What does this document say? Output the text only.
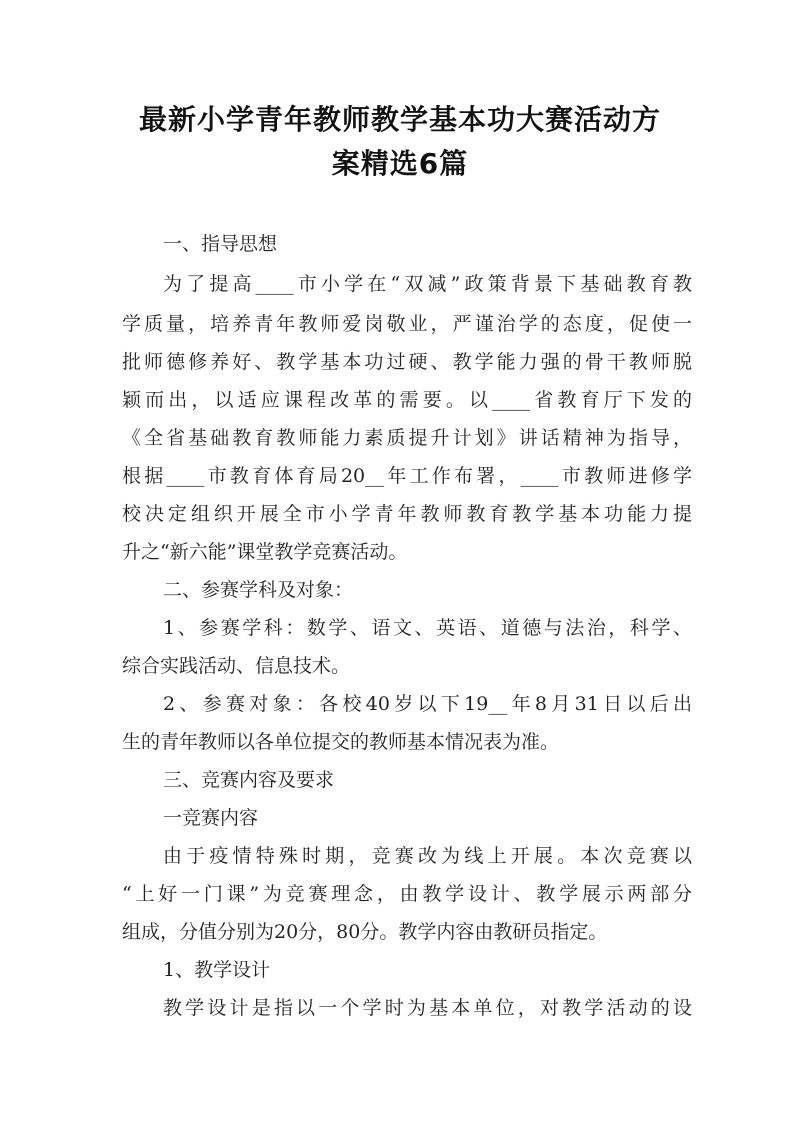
最新小学青年教师教学基本功大赛活动方
案精选6篇
一、指导思想
为了提高____市小学在“双减”政策背景下基础教育教
学质量，培养青年教师爱岗敬业，严谨治学的态度，促使一
批师德修养好、教学基本功过硬、教学能力强的骨干教师脱
颖而出，以适应课程改革的需要。以____省教育厅下发的
《全省基础教育教师能力素质提升计划》讲话精神为指导，
根据____市教育体育局20__年工作布署，____市教师进修学
校决定组织开展全市小学青年教师教育教学基本功能力提
升之“新六能”课堂教学竞赛活动。
二、参赛学科及对象：
1、参赛学科：数学、语文、英语、道德与法治，科学、
综合实践活动、信息技术。
2、参赛对象：各校40岁以下19__年8月31日以后出
生的青年教师以各单位提交的教师基本情况表为准。
三、竞赛内容及要求
一竞赛内容
由于疫情特殊时期，竞赛改为线上开展。本次竞赛以
“上好一门课”为竞赛理念，由教学设计、教学展示两部分
组成，分值分别为20分，80分。教学内容由教研员指定。
1、教学设计
教学设计是指以一个学时为基本单位，对教学活动的设
